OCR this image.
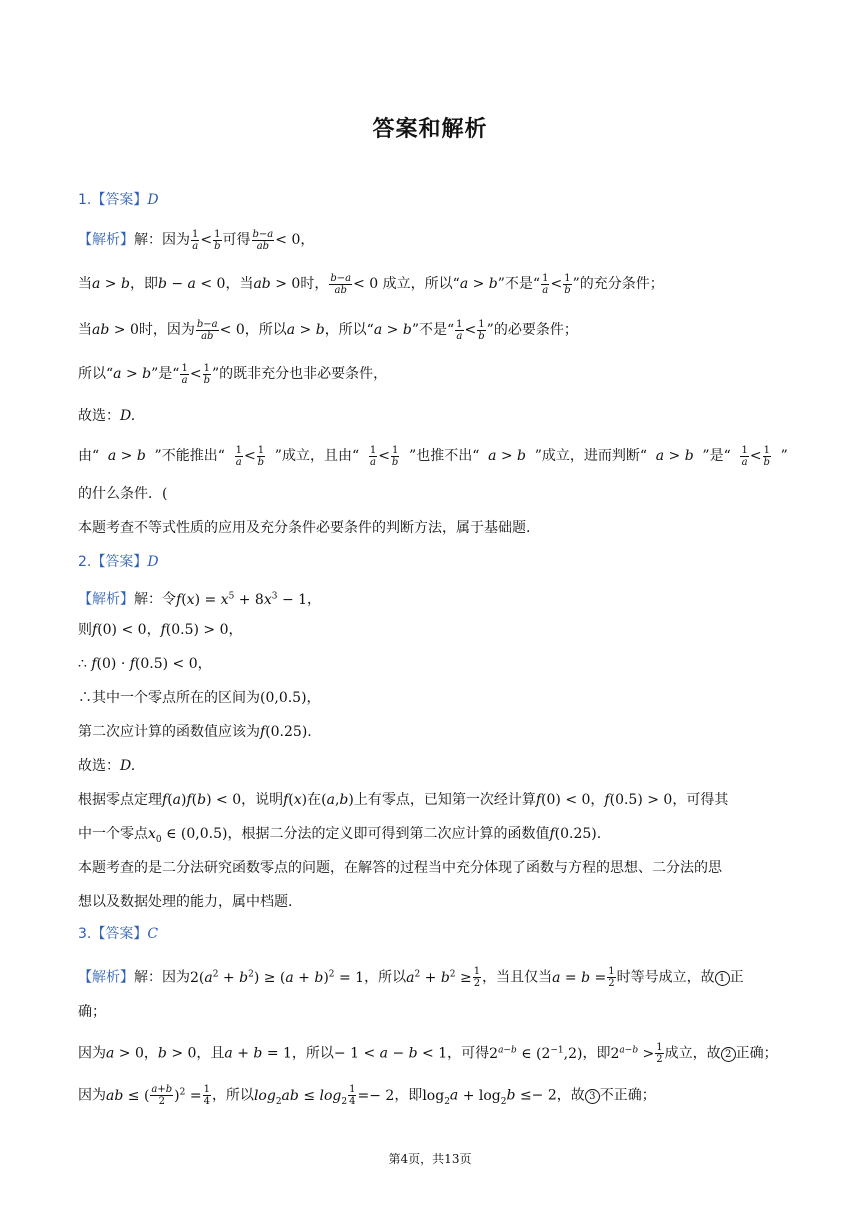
答案和解析
1.【答案】D
【解析】解：因为 $\frac{1}{a} < \frac{1}{b}$ 可得 $\frac{b-a}{ab} < 0$，
当a > b，即b − a < 0，当ab > 0时， $\frac{b-a}{ab} < 0$ 成立，所以“a > b”不是“ $\frac{1}{a} < \frac{1}{b}$ ”的充分条件；
当ab > 0时，因为 $\frac{b-a}{ab} < 0$，所以a > b，所以“a > b”不是“ $\frac{1}{a} < \frac{1}{b}$ ”的必要条件；
所以“a > b”是“ $\frac{1}{a} < \frac{1}{b}$ ”的既非充分也非必要条件，
故选：D.
由“ a > b ”不能推出“ $\frac{1}{a} < \frac{1}{b}$ ”成立，且由“ $\frac{1}{a} < \frac{1}{b}$ ”也推不出“ a > b ”成立，进而判断“ a > b ”是“ $\frac{1}{a} < \frac{1}{b}$ ”
的什么条件．(
本题考查不等式性质的应用及充分条件必要条件的判断方法，属于基础题.
2.【答案】D
【解析】解：令$f(x) = x^5 + 8x^3 - 1$，
则f(0) < 0，f(0.5) > 0，
∴ f(0) · f(0.5) < 0，
∴其中一个零点所在的区间为(0,0.5)，
第二次应计算的函数值应该为f(0.25).
故选：D.
根据零点定理f(a)f(b) < 0，说明f(x)在(a,b)上有零点，已知第一次经计算f(0) < 0，f(0.5) > 0，可得其
中一个零点$x_0$ ∈ (0,0.5)，根据二分法的定义即可得到第二次应计算的函数值f(0.25).
本题考查的是二分法研究函数零点的问题，在解答的过程当中充分体现了函数与方程的思想、二分法的思
想以及数据处理的能力，属中档题.
3.【答案】C
【解析】解：因为$2(a^2 + b^2) \ge (a + b)^2 = 1$，所以$a^2 + b^2 \ge \frac{1}{2}$ ，当且仅当$a = b = \frac{1}{2}$ 时等号成立，故 1 正
确；
因为a > 0，b > 0，且a + b = 1，所以− 1 < a − b < 1，可得$2^{a-b}$ ∈ $(2^{-1},2)$，即$2^{a-b} > \frac{1}{2}$ 成立，故 2 正确；
因为ab ≤ ( $\frac{a+b}{2} )^2 = \frac{1}{4}$ ，所以$\log_2ab \le \log_2 \frac{1}{4} =- 2$，即$\log_2a + \log_2b \le- 2$，故 3 不正确；
第4页，共13页
